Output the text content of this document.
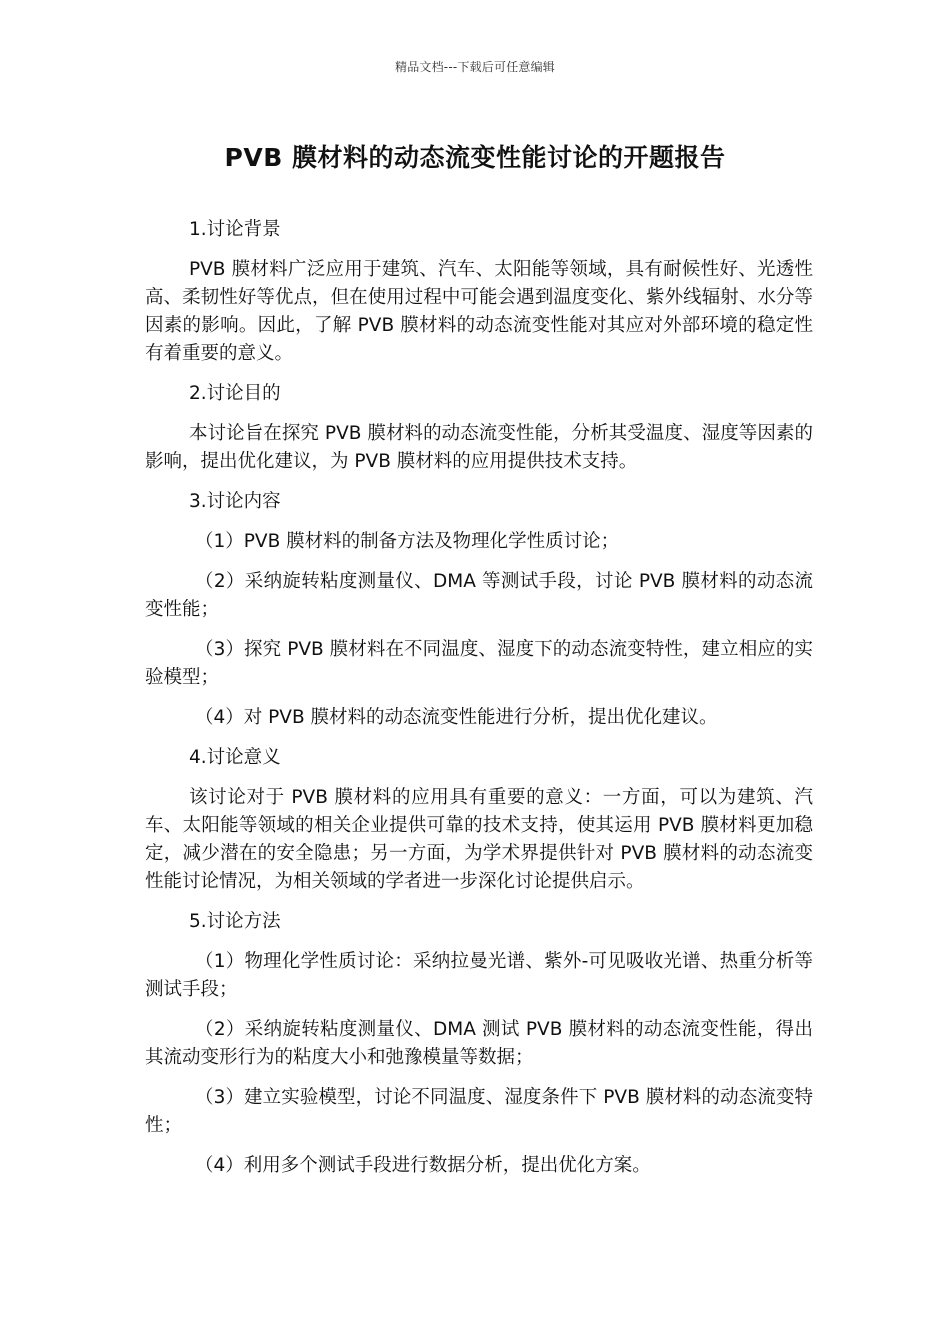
精品文档---下载后可任意编辑
PVB 膜材料的动态流变性能讨论的开题报告

1.讨论背景

PVB 膜材料广泛应用于建筑、汽车、太阳能等领域，具有耐候性好、光透性高、柔韧性好等优点，但在使用过程中可能会遇到温度变化、紫外线辐射、水分等因素的影响。因此，了解 PVB 膜材料的动态流变性能对其应对外部环境的稳定性有着重要的意义。

2.讨论目的

本讨论旨在探究 PVB 膜材料的动态流变性能，分析其受温度、湿度等因素的影响，提出优化建议，为 PVB 膜材料的应用提供技术支持。

3.讨论内容

（1）PVB 膜材料的制备方法及物理化学性质讨论；

（2）采纳旋转粘度测量仪、DMA 等测试手段，讨论 PVB 膜材料的动态流变性能；

（3）探究 PVB 膜材料在不同温度、湿度下的动态流变特性，建立相应的实验模型；

（4）对 PVB 膜材料的动态流变性能进行分析，提出优化建议。

4.讨论意义

该讨论对于 PVB 膜材料的应用具有重要的意义：一方面，可以为建筑、汽车、太阳能等领域的相关企业提供可靠的技术支持，使其运用 PVB 膜材料更加稳定，减少潜在的安全隐患；另一方面，为学术界提供针对 PVB 膜材料的动态流变性能讨论情况，为相关领域的学者进一步深化讨论提供启示。

5.讨论方法

（1）物理化学性质讨论：采纳拉曼光谱、紫外-可见吸收光谱、热重分析等测试手段；

（2）采纳旋转粘度测量仪、DMA 测试 PVB 膜材料的动态流变性能，得出其流动变形行为的粘度大小和弛豫模量等数据；

（3）建立实验模型，讨论不同温度、湿度条件下 PVB 膜材料的动态流变特性；

（4）利用多个测试手段进行数据分析，提出优化方案。
